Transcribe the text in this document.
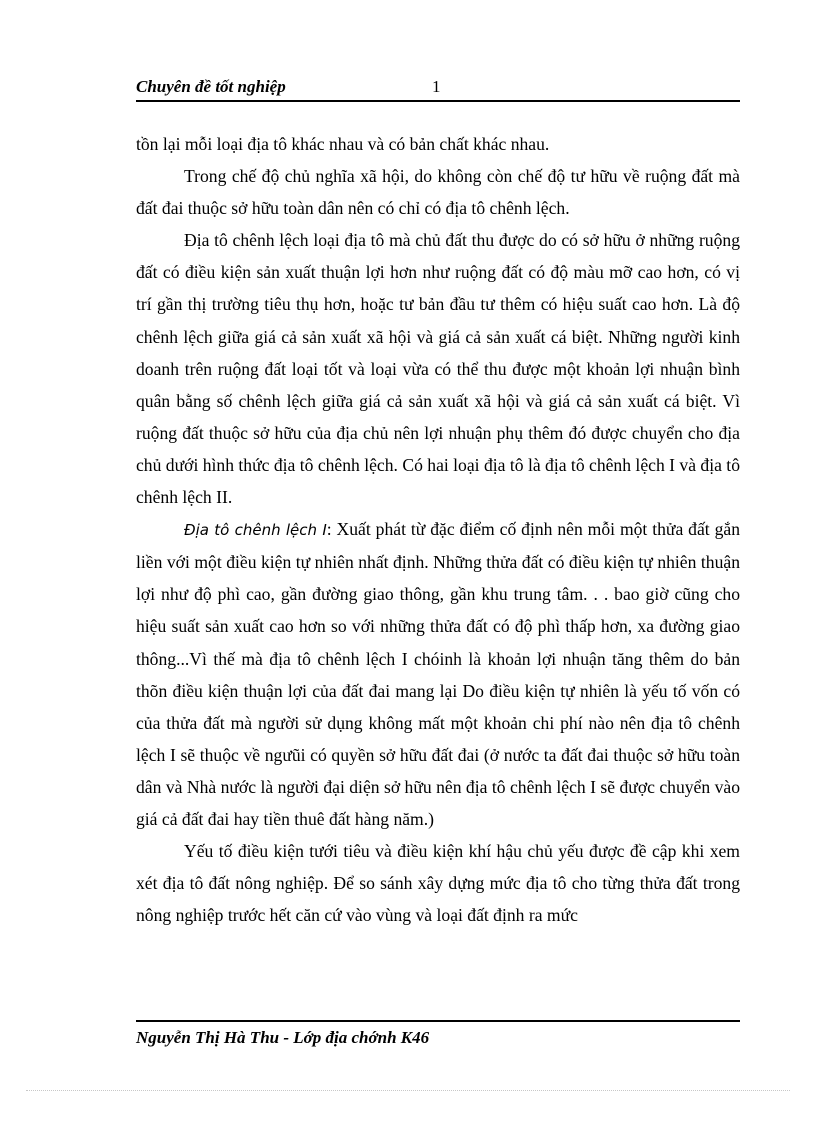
Chuyên đề tốt nghiệp	1

tồn lại mỗi loại địa tô khác nhau và có bản chất khác nhau.

Trong chế độ chủ nghĩa xã hội, do không còn chế độ tư hữu về ruộng đất mà đất đai thuộc sở hữu toàn dân nên có chỉ có địa tô chênh lệch.

Địa tô chênh lệch loại địa tô mà chủ đất thu được do có sở hữu ở những ruộng đất có điều kiện sản xuất thuận lợi hơn như ruộng đất có độ màu mỡ cao hơn, có vị trí gần thị trường tiêu thụ hơn, hoặc tư bản đầu tư thêm có hiệu suất cao hơn. Là độ chênh lệch giữa giá cả sản xuất xã hội và giá cả sản xuất cá biệt. Những người kinh doanh trên ruộng đất loại tốt và loại vừa có thể thu được một khoản lợi nhuận bình quân bằng số chênh lệch giữa giá cả sản xuất xã hội và giá cả sản xuất cá biệt. Vì ruộng đất thuộc sở hữu của địa chủ nên lợi nhuận phụ thêm đó được chuyển cho địa chủ dưới hình thức địa tô chênh lệch. Có hai loại địa tô là địa tô chênh lệch I và địa tô chênh lệch II.

Địa tô chênh lệch I: Xuất phát từ đặc điểm cố định nên mỗi một thửa đất gắn liền với một điều kiện tự nhiên nhất định. Những thửa đất có điều kiện tự nhiên thuận lợi như độ phì cao, gần đường giao thông, gần khu trung tâm. . . bao giờ cũng cho hiệu suất sản xuất cao hơn so với những thửa đất có độ phì thấp hơn, xa đường giao thông...Vì thế mà địa tô chênh lệch I chóinh là khoản lợi nhuận tăng thêm do bản thõn điều kiện thuận lợi của đất đai mang lại Do điều kiện tự nhiên là yếu tố vốn có của thửa đất mà người sử dụng không mất một khoản chi phí nào nên địa tô chênh lệch I sẽ thuộc về ngưũi có quyền sở hữu đất đai (ở nước ta đất đai thuộc sở hữu toàn dân và Nhà nước là người đại diện sở hữu nên địa tô chênh lệch I sẽ được chuyển vào giá cả đất đai hay tiền thuê đất hàng năm.)

Yếu tố điều kiện tưới tiêu và điều kiện khí hậu chủ yếu được đề cập khi xem xét địa tô đất nông nghiệp. Để so sánh xây dựng mức địa tô cho từng thửa đất trong nông nghiệp trước hết căn cứ vào vùng và loại đất định ra mức

Nguyễn Thị Hà Thu - Lớp địa chớnh K46
